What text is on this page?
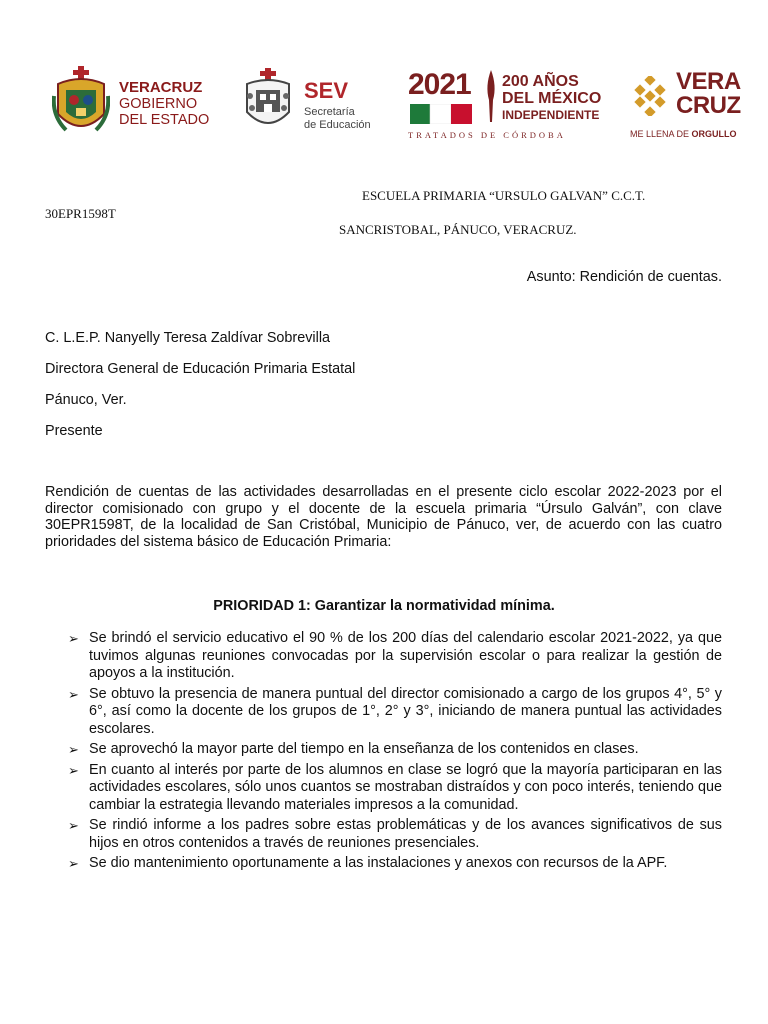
VERACRUZ
GOBIERNO
DEL ESTADO
SEV
Secretaría
de Educación
2021 200 AÑOS
DEL MÉXICO
INDEPENDIENTE
TRATADOS DE CÓRDOBA
VERA
CRUZ
ME LLENA DE ORGULLO
ESCUELA PRIMARIA “URSULO GALVAN” C.C.T.
30EPR1598T
SANCRISTOBAL, PÁNUCO, VERACRUZ.
Asunto: Rendición de cuentas.
C. L.E.P. Nanyelly Teresa Zaldívar Sobrevilla
Directora General de Educación Primaria Estatal
Pánuco, Ver.
Presente
Rendición de cuentas de las actividades desarrolladas en el presente ciclo escolar 2022-2023 por el director comisionado con grupo y el docente de la escuela primaria “Úrsulo Galván”, con clave 30EPR1598T, de la localidad de San Cristóbal, Municipio de Pánuco, ver, de acuerdo con las cuatro prioridades del sistema básico de Educación Primaria:
PRIORIDAD 1: Garantizar la normatividad mínima.
➢ Se brindó el servicio educativo el 90 % de los 200 días del calendario escolar 2021-2022, ya que tuvimos algunas reuniones convocadas por la supervisión escolar o para realizar la gestión de apoyos a la institución.
➢ Se obtuvo la presencia de manera puntual del director comisionado a cargo de los grupos 4°, 5° y 6°, así como la docente de los grupos de 1°, 2° y 3°, iniciando de manera puntual las actividades escolares.
➢ Se aprovechó la mayor parte del tiempo en la enseñanza de los contenidos en clases.
➢ En cuanto al interés por parte de los alumnos en clase se logró que la mayoría participaran en las actividades escolares, sólo unos cuantos se mostraban distraídos y con poco interés, teniendo que cambiar la estrategia llevando materiales impresos a la comunidad.
➢ Se rindió informe a los padres sobre estas problemáticas y de los avances significativos de sus hijos en otros contenidos a través de reuniones presenciales.
➢ Se dio mantenimiento oportunamente a las instalaciones y anexos con recursos de la APF.
